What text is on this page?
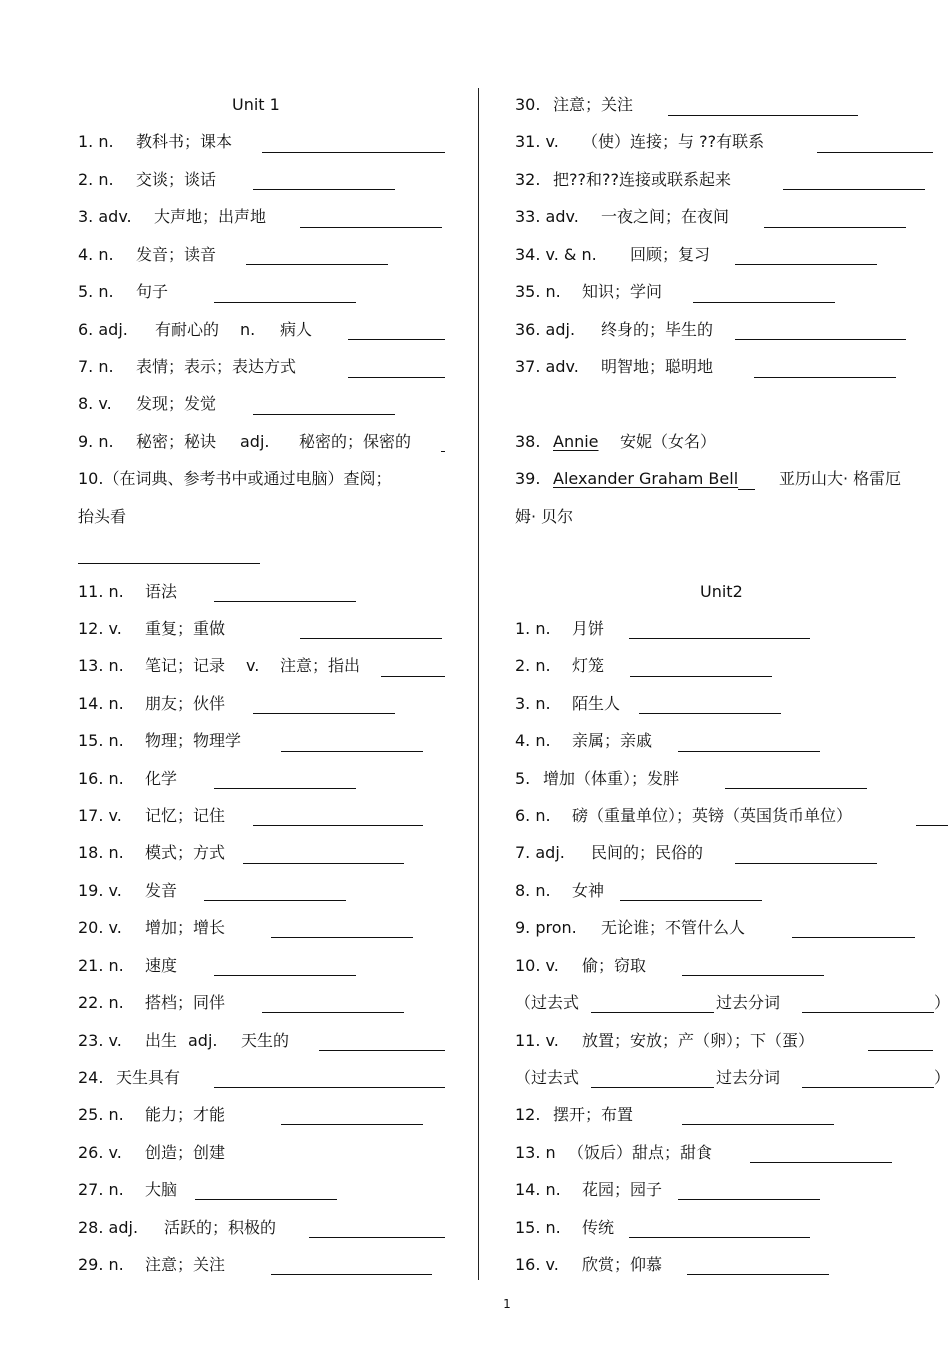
Unit 1
1. n. 教科书；课本
2. n. 交谈；谈话
3. adv. 大声地；出声地
4. n. 发音；读音
5. n. 句子
6. adj. 有耐心的 n. 病人
7. n. 表情；表示；表达方式
8. v. 发现；发觉
9. n. 秘密；秘诀 adj. 秘密的；保密的
10.（在词典、参考书中或通过电脑）查阅；
抬头看
11. n. 语法
12. v. 重复；重做
13. n. 笔记；记录 v. 注意；指出
14. n. 朋友；伙伴
15. n. 物理；物理学
16. n. 化学
17. v. 记忆；记住
18. n. 模式；方式
19. v. 发音
20. v. 增加；增长
21. n. 速度
22. n. 搭档；同伴
23. v. 出生 adj. 天生的
24. 天生具有
25. n. 能力；才能
26. v. 创造；创建
27. n. 大脑
28. adj. 活跃的；积极的
29. n. 注意；关注
30. 注意；关注
31. v. （使）连接；与 ??有联系
32. 把??和??连接或联系起来
33. adv. 一夜之间；在夜间
34. v. & n. 回顾；复习
35. n. 知识；学问
36. adj. 终身的；毕生的
37. adv. 明智地；聪明地
38. Annie 安妮（女名）
39. Alexander Graham Bell	亚历山大· 格雷厄
姆· 贝尔
Unit2
1. n. 月饼
2. n. 灯笼
3. n. 陌生人
4. n. 亲属；亲戚
5. 增加（体重）；发胖
6. n. 磅（重量单位）；英镑（英国货币单位）
7. adj. 民间的；民俗的
8. n. 女神
9. pron. 无论谁；不管什么人
10. v. 偷；窃取
（过去式	过去分词	）
11. v. 放置；安放；产（卵）；下（蛋）
（过去式	过去分词	）
12. 摆开；布置
13. n （饭后）甜点；甜食
14. n. 花园；园子
15. n. 传统
16. v. 欣赏；仰慕
1
